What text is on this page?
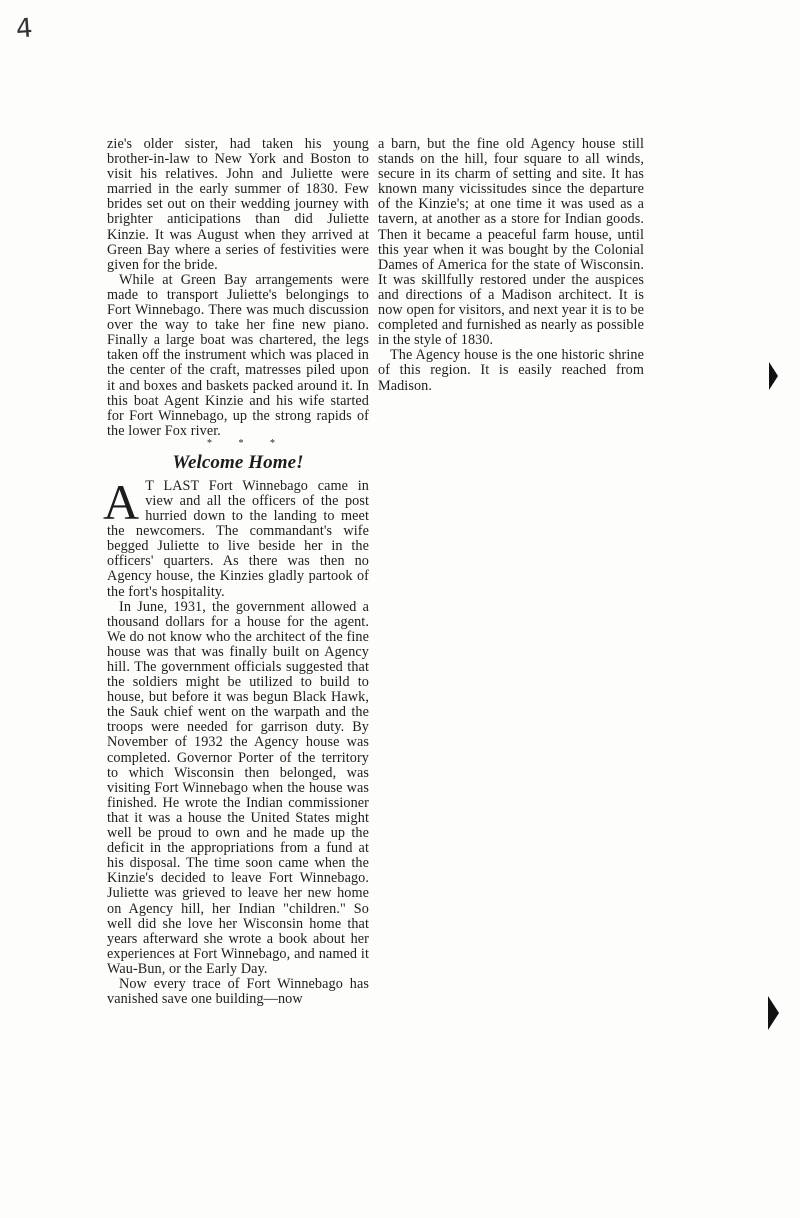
4

zie's older sister, had taken his young brother-in-law to New York and Boston to visit his relatives. John and Juliette were married in the early summer of 1830. Few brides set out on their wedding journey with brighter anticipations than did Juliette Kinzie. It was August when they arrived at Green Bay where a series of festivities were given for the bride.

While at Green Bay arrangements were made to transport Juliette's belongings to Fort Winnebago. There was much discussion over the way to take her fine new piano. Finally a large boat was chartered, the legs taken off the instrument which was placed in the center of the craft, matresses piled upon it and boxes and baskets packed around it. In this boat Agent Kinzie and his wife started for Fort Winnebago, up the strong rapids of the lower Fox river.

* * *
Welcome Home!

A T LAST Fort Winnebago came in view and all the officers of the post hurried down to the landing to meet the newcomers. The commandant's wife begged Juliette to live beside her in the officers' quarters. As there was then no Agency house, the Kinzies gladly partook of the fort's hospitality.

In June, 1931, the government allowed a thousand dollars for a house for the agent. We do not know who the architect of the fine house was that was finally built on Agency hill. The government officials suggested that the soldiers might be utilized to build to house, but before it was begun Black Hawk, the Sauk chief went on the warpath and the troops were needed for garrison duty. By November of 1932 the Agency house was completed. Governor Porter of the territory to which Wisconsin then belonged, was visiting Fort Winnebago when the house was finished. He wrote the Indian commissioner that it was a house the United States might well be proud to own and he made up the deficit in the appropriations from a fund at his disposal. The time soon came when the Kinzie's decided to leave Fort Winnebago. Juliette was grieved to leave her new home on Agency hill, her Indian "children." So well did she love her Wisconsin home that years afterward she wrote a book about her experiences at Fort Winnebago, and named it Wau-Bun, or the Early Day.

Now every trace of Fort Winnebago has vanished save one building—now

a barn, but the fine old Agency house still stands on the hill, four square to all winds, secure in its charm of setting and site. It has known many vicissitudes since the departure of the Kinzie's; at one time it was used as a tavern, at another as a store for Indian goods. Then it became a peaceful farm house, until this year when it was bought by the Colonial Dames of America for the state of Wisconsin. It was skillfully restored under the auspices and directions of a Madison architect. It is now open for visitors, and next year it is to be completed and furnished as nearly as possible in the style of 1830.

The Agency house is the one historic shrine of this region. It is easily reached from Madison.
